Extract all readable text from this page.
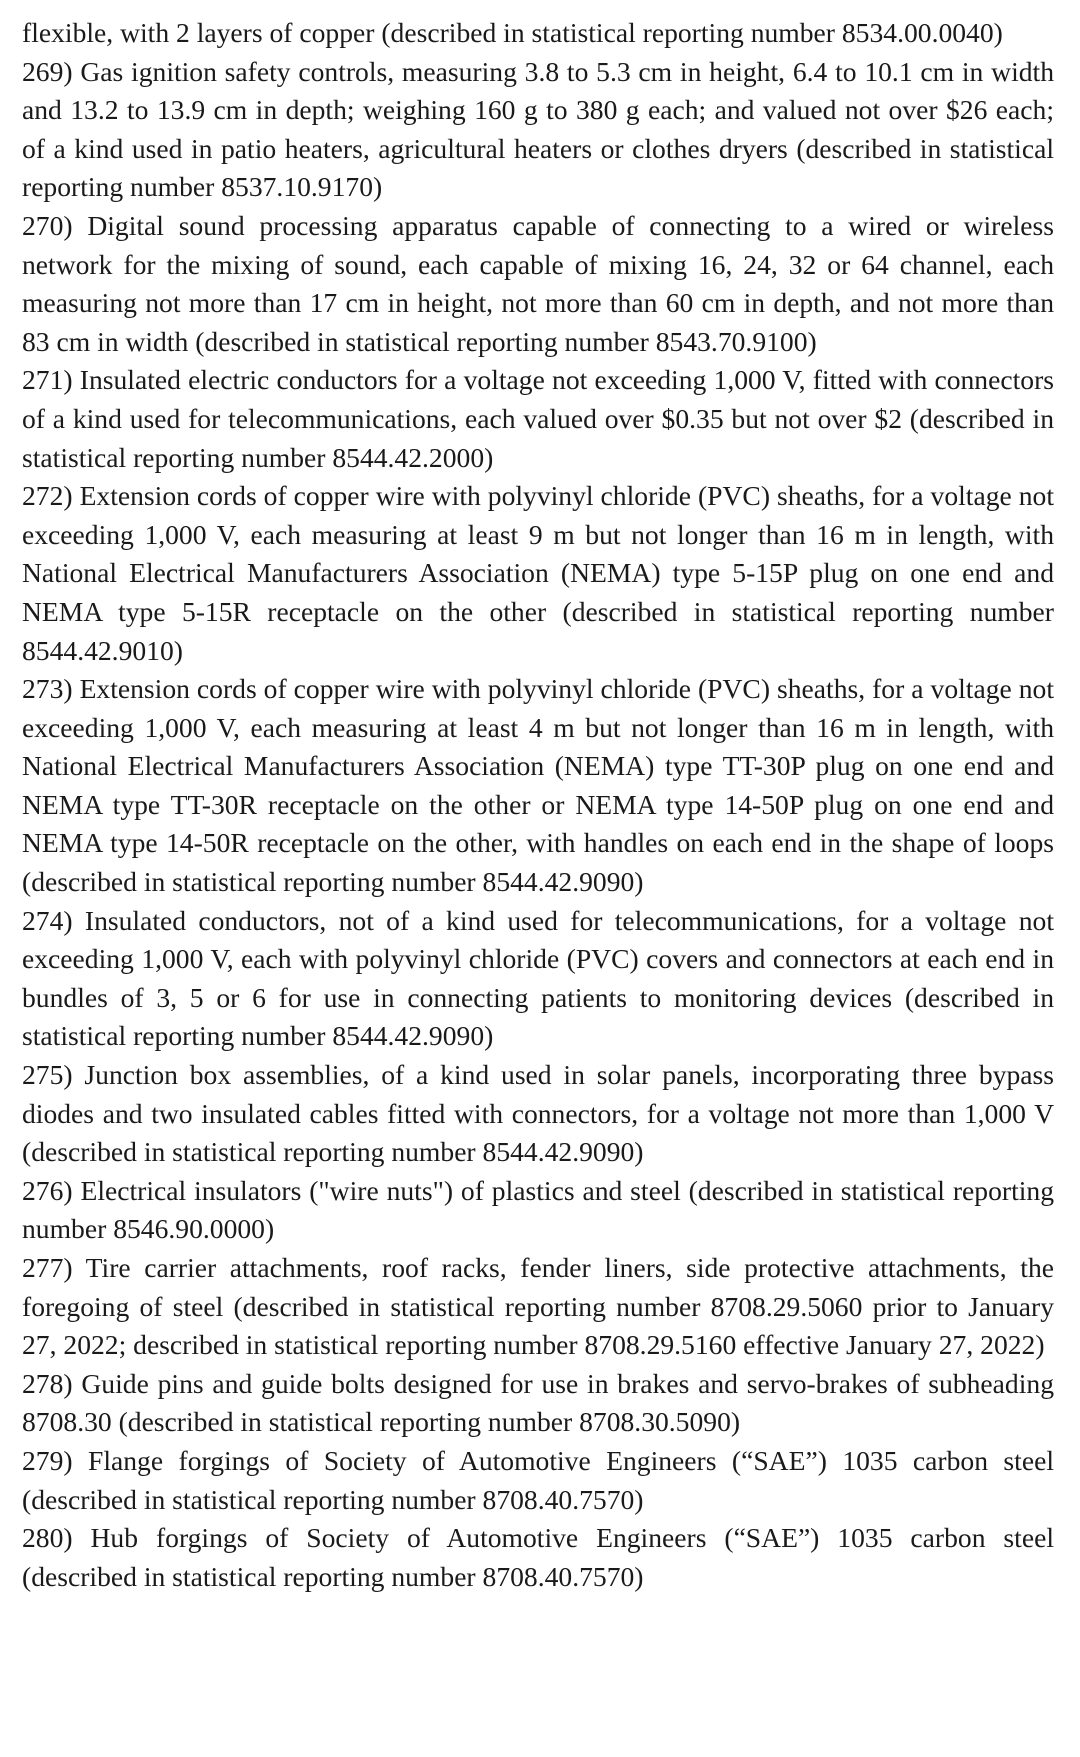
flexible, with 2 layers of copper (described in statistical reporting number 8534.00.0040)

269) Gas ignition safety controls, measuring 3.8 to 5.3 cm in height, 6.4 to 10.1 cm in width and 13.2 to 13.9 cm in depth; weighing 160 g to 380 g each; and valued not over $26 each; of a kind used in patio heaters, agricultural heaters or clothes dryers (described in statistical reporting number 8537.10.9170)

270) Digital sound processing apparatus capable of connecting to a wired or wireless network for the mixing of sound, each capable of mixing 16, 24, 32 or 64 channel, each measuring not more than 17 cm in height, not more than 60 cm in depth, and not more than 83 cm in width (described in statistical reporting number 8543.70.9100)

271) Insulated electric conductors for a voltage not exceeding 1,000 V, fitted with connectors of a kind used for telecommunications, each valued over $0.35 but not over $2 (described in statistical reporting number 8544.42.2000)

272) Extension cords of copper wire with polyvinyl chloride (PVC) sheaths, for a voltage not exceeding 1,000 V, each measuring at least 9 m but not longer than 16 m in length, with National Electrical Manufacturers Association (NEMA) type 5-15P plug on one end and NEMA type 5-15R receptacle on the other (described in statistical reporting number 8544.42.9010)

273) Extension cords of copper wire with polyvinyl chloride (PVC) sheaths, for a voltage not exceeding 1,000 V, each measuring at least 4 m but not longer than 16 m in length, with National Electrical Manufacturers Association (NEMA) type TT-30P plug on one end and NEMA type TT-30R receptacle on the other or NEMA type 14-50P plug on one end and NEMA type 14-50R receptacle on the other, with handles on each end in the shape of loops (described in statistical reporting number 8544.42.9090)

274) Insulated conductors, not of a kind used for telecommunications, for a voltage not exceeding 1,000 V, each with polyvinyl chloride (PVC) covers and connectors at each end in bundles of 3, 5 or 6 for use in connecting patients to monitoring devices (described in statistical reporting number 8544.42.9090)

275) Junction box assemblies, of a kind used in solar panels, incorporating three bypass diodes and two insulated cables fitted with connectors, for a voltage not more than 1,000 V (described in statistical reporting number 8544.42.9090)

276) Electrical insulators ("wire nuts") of plastics and steel (described in statistical reporting number 8546.90.0000)

277) Tire carrier attachments, roof racks, fender liners, side protective attachments, the foregoing of steel (described in statistical reporting number 8708.29.5060 prior to January 27, 2022; described in statistical reporting number 8708.29.5160 effective January 27, 2022)

278) Guide pins and guide bolts designed for use in brakes and servo-brakes of subheading 8708.30 (described in statistical reporting number 8708.30.5090)

279) Flange forgings of Society of Automotive Engineers (“SAE”) 1035 carbon steel (described in statistical reporting number 8708.40.7570)

280) Hub forgings of Society of Automotive Engineers (“SAE”) 1035 carbon steel (described in statistical reporting number 8708.40.7570)
